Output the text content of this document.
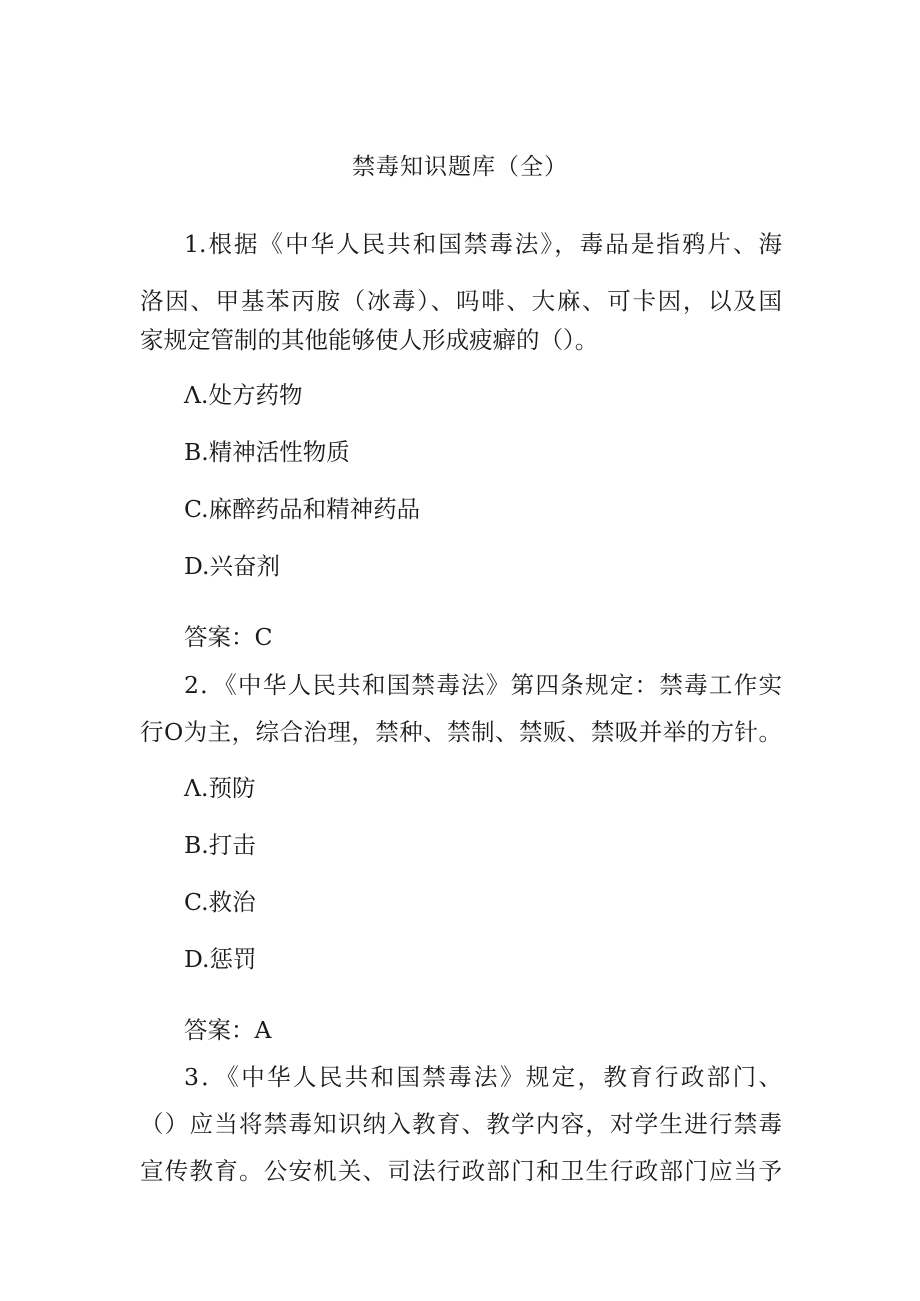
禁毒知识题库（全）
1.根据《中华人民共和国禁毒法》，毒品是指鸦片、海
洛因、甲基苯丙胺（冰毒）、吗啡、大麻、可卡因，以及国
家规定管制的其他能够使人形成疲癖的（）。
Λ.处方药物
B.精神活性物质
C.麻醉药品和精神药品
D.兴奋剂
答案：C
2．《中华人民共和国禁毒法》第四条规定：禁毒工作实
行O为主，综合治理，禁种、禁制、禁贩、禁吸并举的方针。
Λ.预防
B.打击
C.救治
D.惩罚
答案：A
3．《中华人民共和国禁毒法》规定，教育行政部门、
（）应当将禁毒知识纳入教育、教学内容，对学生进行禁毒
宣传教育。公安机关、司法行政部门和卫生行政部门应当予
